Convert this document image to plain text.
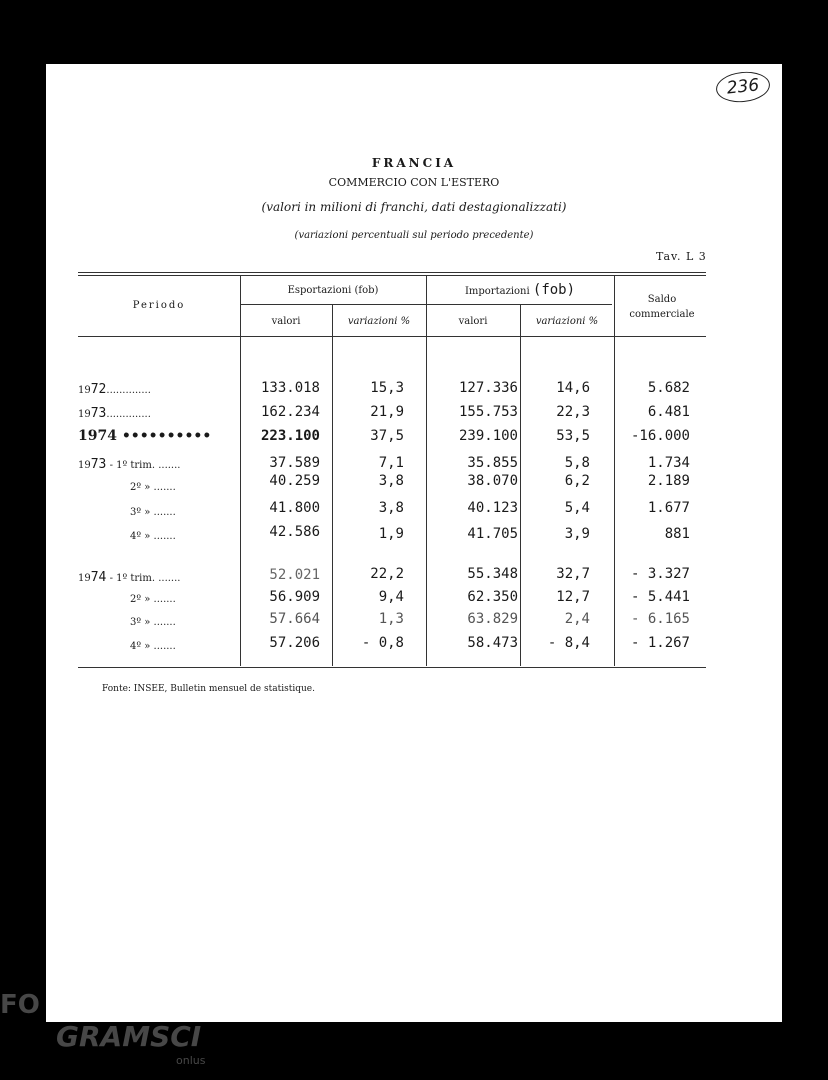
236
FRANCIA
COMMERCIO CON L'ESTERO
(valori in milioni di franchi, dati destagionalizzati)
(variazioni percentuali sul periodo precedente)
Tav. L 3
Periodo
Esportazioni (fob)	Importazioni (fob)
valori	variazioni %	valori	variazioni %
Saldo commerciale
1972..............	133.018	15,3	127.336	14,6	5.682
1973..............	162.234	21,9	155.753	22,3	6.481
1974 ••••••••••	223.100	37,5	239.100	53,5	-16.000
1973 - 1º trim. .......	37.589	7,1	35.855	5,8	1.734
2º » .......	40.259	3,8	38.070	6,2	2.189
3º » .......	41.800	3,8	40.123	5,4	1.677
4º » .......	42.586	1,9	41.705	3,9	881
1974 - 1º trim. .......	52.021	22,2	55.348	32,7	- 3.327
2º » .......	56.909	9,4	62.350	12,7	- 5.441
3º » .......	57.664	1,3	63.829	2,4	- 6.165
4º » .......	57.206	- 0,8	58.473	- 8,4	- 1.267
Fonte: INSEE, Bulletin mensuel de statistique.
FO
GRAMSCI
onlus
